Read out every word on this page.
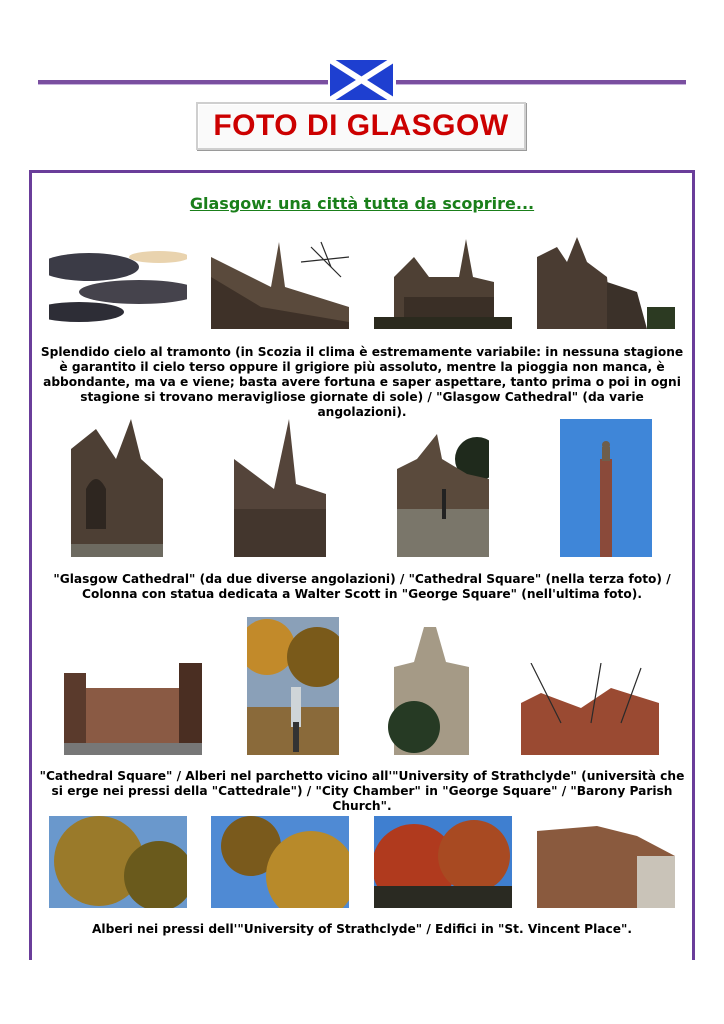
FOTO DI GLASGOW
Glasgow: una città tutta da scoprire...
Splendido cielo al tramonto (in Scozia il clima è estremamente variabile: in nessuna stagione è garantito il cielo terso oppure il grigiore più assoluto, mentre la pioggia non manca, è abbondante, ma va e viene; basta avere fortuna e saper aspettare, tanto prima o poi in ogni stagione si trovano meravigliose giornate di sole) / "Glasgow Cathedral" (da varie angolazioni).
"Glasgow Cathedral" (da due diverse angolazioni) / "Cathedral Square" (nella terza foto) / Colonna con statua dedicata a Walter Scott in "George Square" (nell'ultima foto).
"Cathedral Square" / Alberi nel parchetto vicino all'"University of Strathclyde" (università che si erge nei pressi della "Cattedrale") / "City Chamber" in "George Square" / "Barony Parish Church".
Alberi nei pressi dell'"University of Strathclyde" / Edifici in "St. Vincent Place".
